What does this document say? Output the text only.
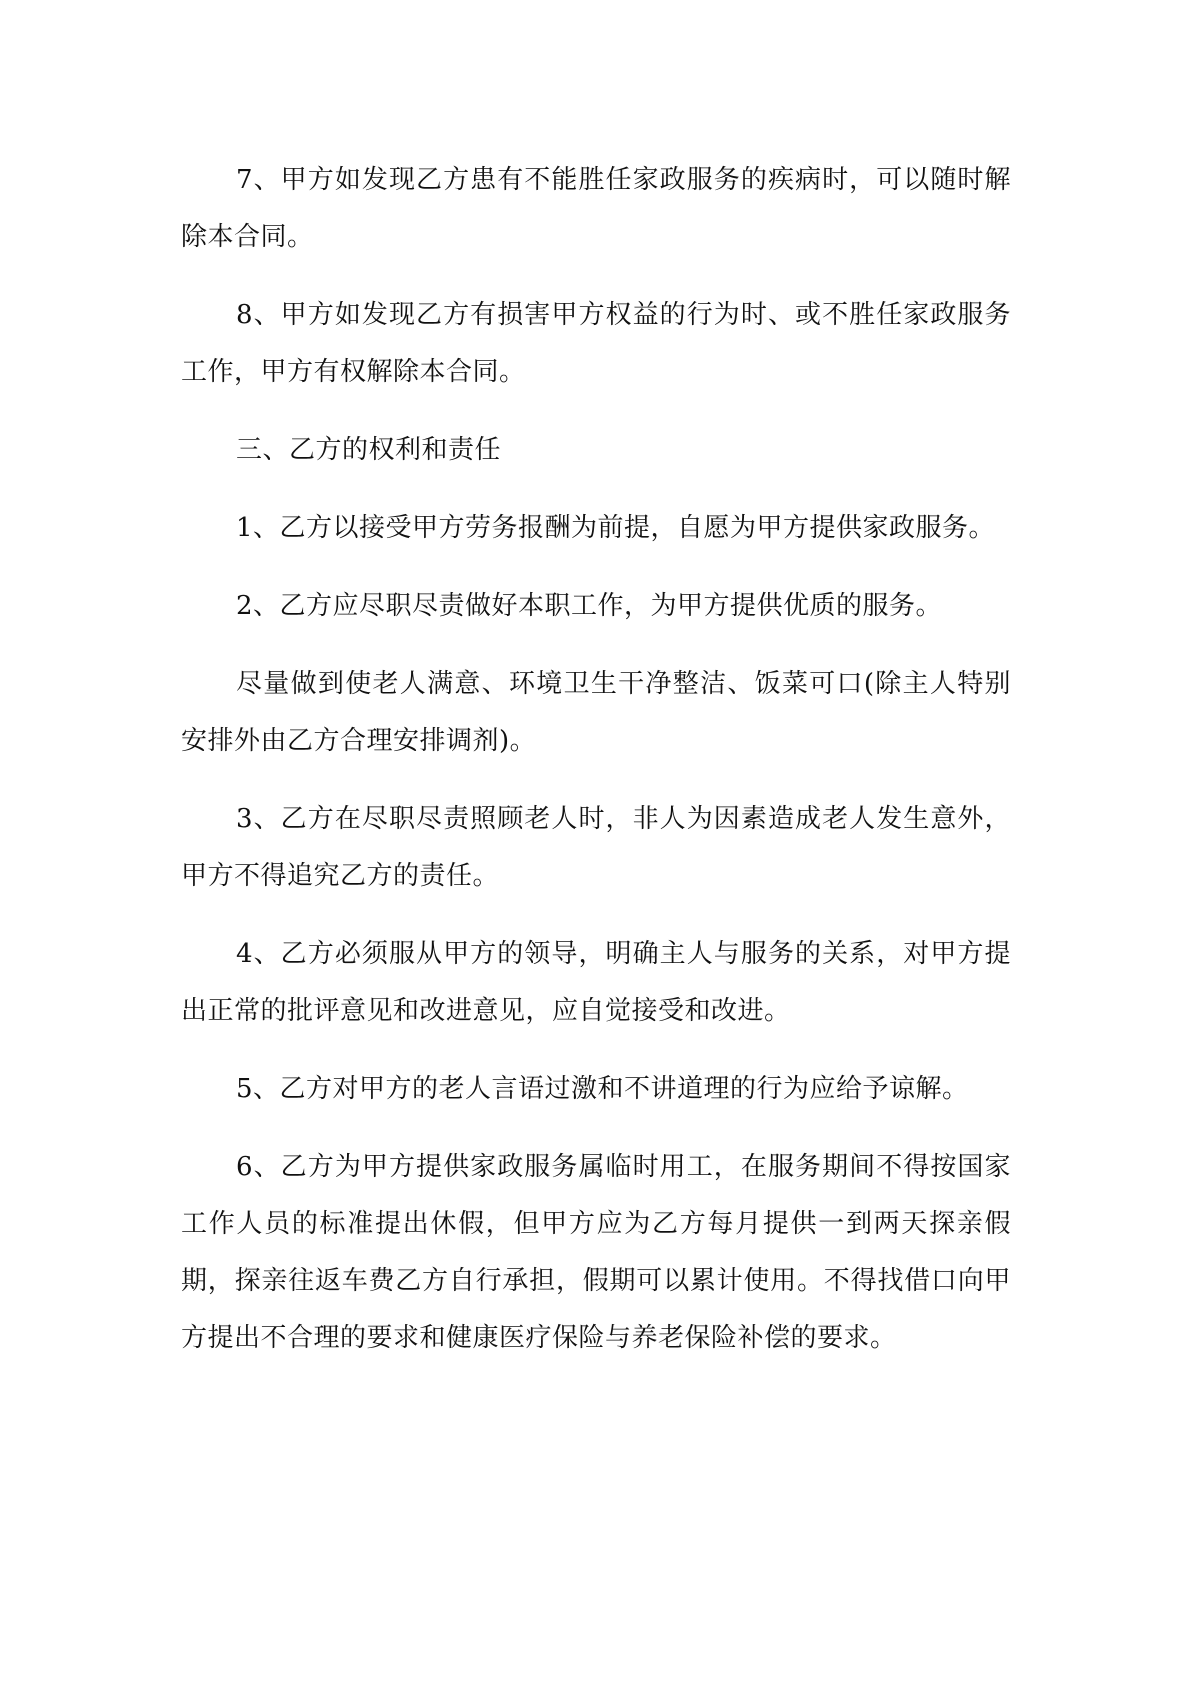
7、甲方如发现乙方患有不能胜任家政服务的疾病时，可以随时解除本合同。

8、甲方如发现乙方有损害甲方权益的行为时、或不胜任家政服务工作，甲方有权解除本合同。

三、乙方的权利和责任

1、乙方以接受甲方劳务报酬为前提，自愿为甲方提供家政服务。

2、乙方应尽职尽责做好本职工作，为甲方提供优质的服务。

尽量做到使老人满意、环境卫生干净整洁、饭菜可口(除主人特别安排外由乙方合理安排调剂)。

3、乙方在尽职尽责照顾老人时，非人为因素造成老人发生意外，甲方不得追究乙方的责任。

4、乙方必须服从甲方的领导，明确主人与服务的关系，对甲方提出正常的批评意见和改进意见，应自觉接受和改进。

5、乙方对甲方的老人言语过激和不讲道理的行为应给予谅解。

6、乙方为甲方提供家政服务属临时用工，在服务期间不得按国家工作人员的标准提出休假，但甲方应为乙方每月提供一到两天探亲假期，探亲往返车费乙方自行承担，假期可以累计使用。不得找借口向甲方提出不合理的要求和健康医疗保险与养老保险补偿的要求。
